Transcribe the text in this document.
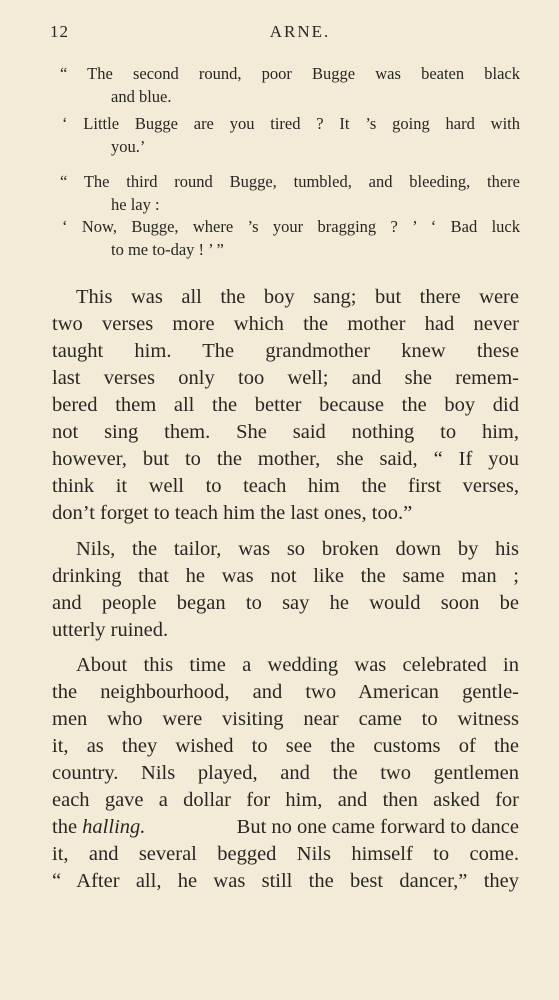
12	ARNE.
“ The second round, poor Bugge was beaten black
and blue.
‘ Little Bugge are you tired ? It ’s going hard with
you.’
“ The third round Bugge, tumbled, and bleeding, there
he lay :
‘ Now, Bugge, where ’s your bragging ? ’ ‘ Bad luck
to me to-day ! ’ ”
This was all the boy sang; but there were
two verses more which the mother had never
taught him. The grandmother knew these
last verses only too well; and she remem-
bered them all the better because the boy did
not sing them. She said nothing to him,
however, but to the mother, she said, “ If you
think it well to teach him the first verses,
don’t forget to teach him the last ones, too.”
Nils, the tailor, was so broken down by his
drinking that he was not like the same man ;
and people began to say he would soon be
utterly ruined.
About this time a wedding was celebrated in
the neighbourhood, and two American gentle-
men who were visiting near came to witness
it, as they wished to see the customs of the
country. Nils played, and the two gentlemen
each gave a dollar for him, and then asked for
the halling.	But no one came forward to dance
it, and several begged Nils himself to come.
“ After all, he was still the best dancer,” they
